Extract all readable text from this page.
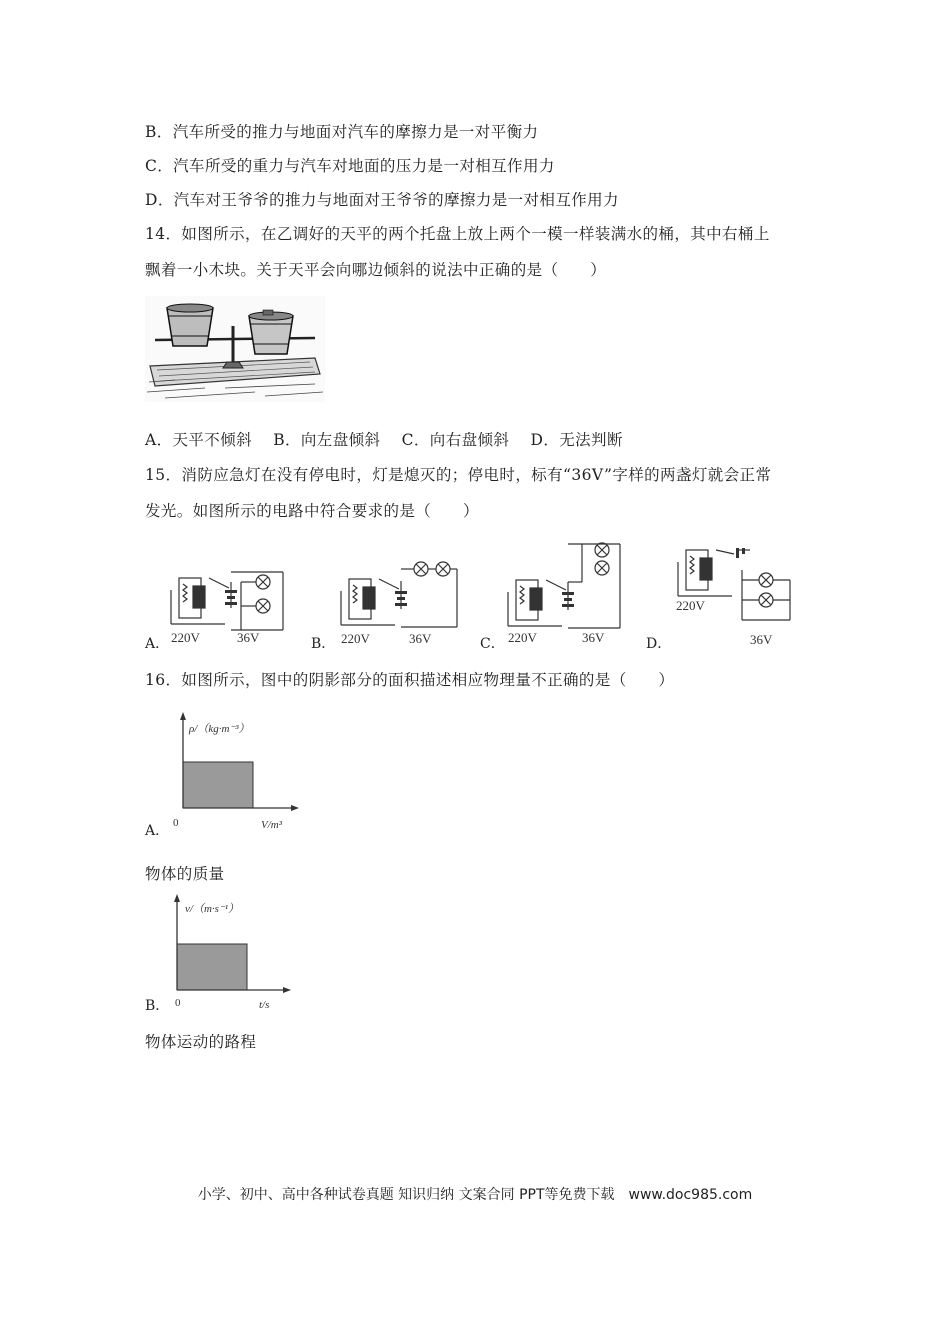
B．汽车所受的推力与地面对汽车的摩擦力是一对平衡力
C．汽车所受的重力与汽车对地面的压力是一对相互作用力
D．汽车对王爷爷的推力与地面对王爷爷的摩擦力是一对相互作用力
14．如图所示，在乙调好的天平的两个托盘上放上两个一模一样装满水的桶，其中右桶上
飘着一小木块。关于天平会向哪边倾斜的说法中正确的是（　　）
A．天平不倾斜　 B．向左盘倾斜　 C．向右盘倾斜　 D．无法判断
15．消防应急灯在没有停电时，灯是熄灭的；停电时，标有“36V”字样的两盏灯就会正常
发光。如图所示的电路中符合要求的是（　　）
A． 220V	36V	B． 220V	36V	C． 220V	36V	D．
220V
36V
16．如图所示，图中的阴影部分的面积描述相应物理量不正确的是（　　）
A．
ρ/（kg·m⁻³）
0	V/m³
物体的质量
B．
v/（m·s⁻¹）
0	t/s
物体运动的路程
小学、初中、高中各种试卷真题 知识归纳 文案合同 PPT等免费下载　www.doc985.com
